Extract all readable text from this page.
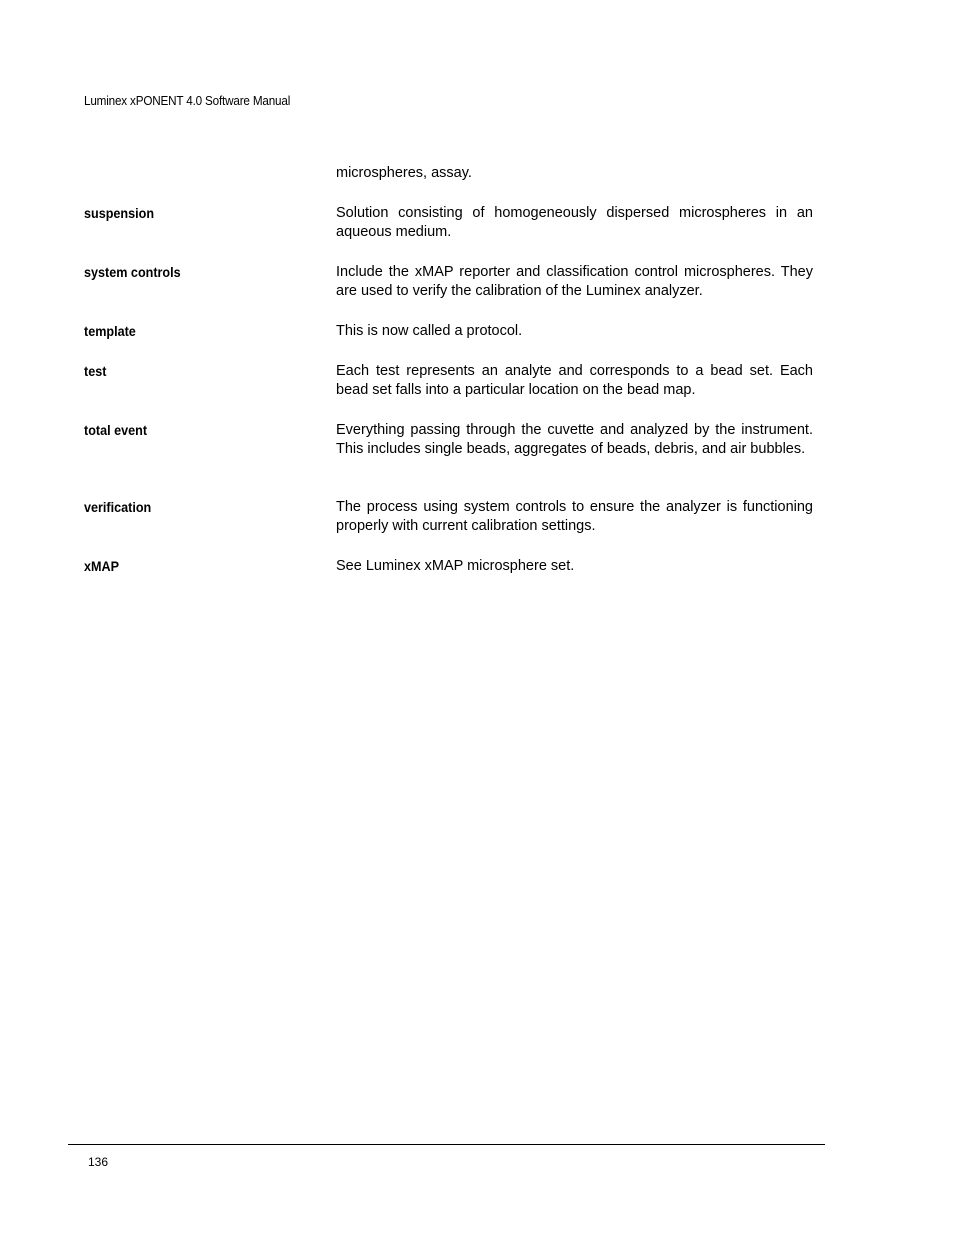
Luminex xPONENT 4.0 Software Manual
microspheres, assay.
suspension	Solution consisting of homogeneously dispersed microspheres in an aqueous medium.
system controls	Include the xMAP reporter and classification control microspheres. They are used to verify the calibration of the Luminex analyzer.
template	This is now called a protocol.
test	Each test represents an analyte and corresponds to a bead set. Each bead set falls into a particular location on the bead map.
total event	Everything passing through the cuvette and analyzed by the instrument. This includes single beads, aggregates of beads, debris, and air bubbles.
verification	The process using system controls to ensure the analyzer is functioning properly with current calibration settings.
xMAP	See Luminex xMAP microsphere set.
136
